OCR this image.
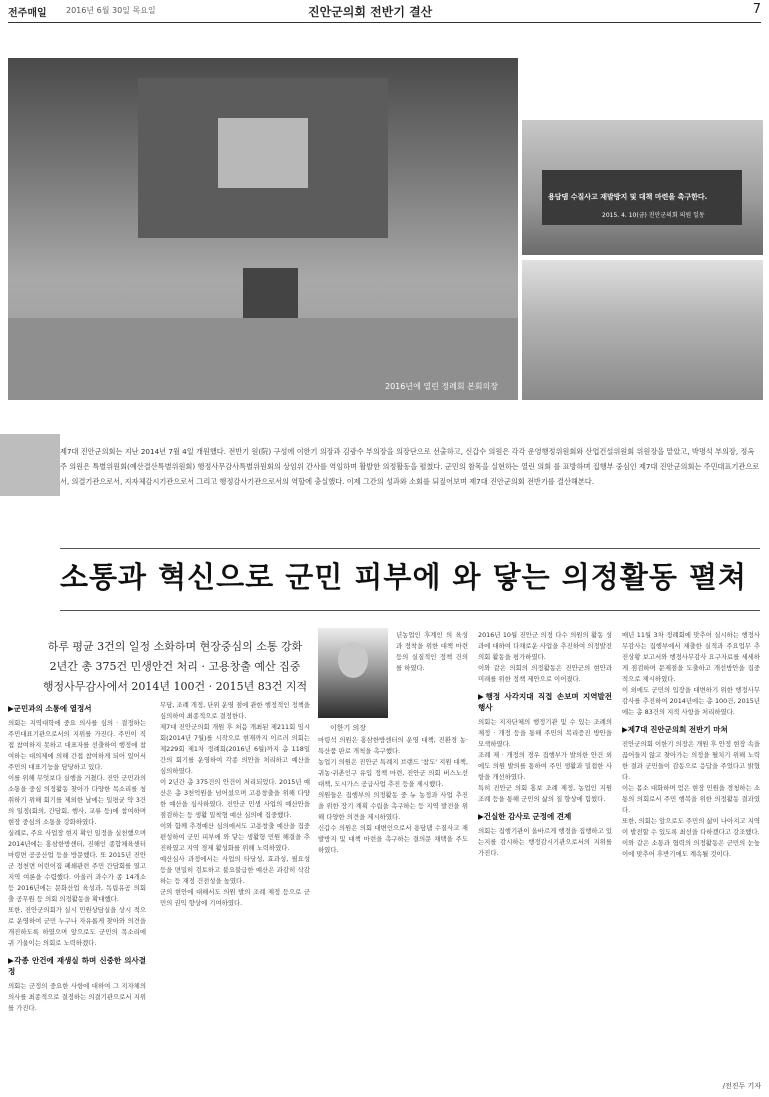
전주매일 2016년 6월 30일 목요일	진안군의회 전반기 결산	7
2016년에 열린 정례회 본회의장
용담댐 수질사고 재발방지 및 대책 마련을 촉구한다.
2015. 4. 10(금) 진안군의회 의원 일동
제7대 진안군의회는 지난 2014년 7월 4일 개원했다. 전반기 원(院) 구성에 이한기 의장과 김광수 부의장을 의장단으로 선출하고, 신갑수 의원은 각각 운영행정위원회와 산업건설위원회 위원장을 맡았고, 박명석 부의장, 정옥주 의원은 특별위원회(예산결산특별위원회) 행정사무감사특별위원회의 상임위 간사를 역임하며 활발한 의정활동을 펼쳤다. 군민의 참목을 실현하는 열린 의회 를 표방하며 집행부 중심인 제7대 진안군의회는 주민대표기관으로서, 의결기관으로서, 지자체감시기관으로서 그리고 행정감사기관으로서의 역할에 충실했다. 이제 그간의 성과와 소회를 되짚어보며 제7대 진안군의회 전반기를 결산해본다.
소통과 혁신으로 군민 피부에 와 닿는 의정활동 펼쳐
하루 평균 3건의 일정 소화하며 현장중심의 소통 강화
2년간 총 375건 민생안건 처리 · 고용창출 예산 집중
행정사무감사에서 2014년 100건 · 2015년 83건 지적
이한기 의장
▶군민과의 소통에 열정서

의회는 지역대학에 중요 의사를 심의 · 결정하는 주민대표기관으로서의 지위를 가진다. 주민이 직접 참여하지 못하고 대표자를 선출하여 행정에 참여하는 대의제에 의해 간접 참여하게 되어 있어서 주민의 대표기능을 담당하고 있다.

이를 위해 무엇보다 실행을 거쳤다. 진안 군민과의 소통을 중심 의정활동 찾아가 다양한 목소리를 청취하기 위해 회기를 제외한 날에는 일평균 약 3건의 일정(회의, 간담회, 행사, 교류 등)에 참여하며 현장 중심의 소통을 강화하였다.

실례로, 주요 사업장 현지 확인 일정을 실천했으며 2014년에는 홍삼한방센터, 진해인 종합체육센터 마령면 공공산업 등을 방문했다. 또 2015년 진안군 정천면 어린이집 폐쇄관련 주민 간담회를 열고 지역 여론을 수렴했다. 아울러 과수가 종 14개소 등 2016년에는 문화산업 육성과, 독립유공 의회출 공무원 등 의회 의정활동을 확대했다.

또한, 진안군의회가 실시 민원상담실을 상시 적으로 운영하여 군민 누구나 자유롭게 찾아와 의견을 개진하도록 하였으며 앞으로도 군민의 목소리에 귀 기울이는 의회로 노력하겠다.

▶각종 안건에 재생실 하며 신중한 의사결정

의회는 군정의 중요한 사항에 대하여 그 지자체의 의사를 최종적으로 결정하는 의결기관으로서 지위를 가진다.

무담, 조례 개정, 단위 운영 점에 관한 행정적인 정책을 심의하여 최종적으로 결정한다.

제7대 진안군의회 개원 후 처음 개최된 제211회 임시회(2014년 7월)를 시작으로 현재까지 이르러 의회는 제229회 제1차 정례회(2016년 6월)까지 총 118일간의 회기를 운영하여 각종 의안을 처리하고 예산을 심의하였다.

이 2년간 총 375건의 안건이 처리되었다. 2015년 예산은 총 3천억원을 넘어섰으며 고용창출을 위해 다양한 예산을 심사하였다. 진안군 민생 사업의 예산안을 점검하는 등 생활 밀착형 예산 심의에 집중했다.

이와 함께 추경예산 심의에서도 고용창출 예산을 집중 편성하여 군민 피부에 와 닿는 생활형 민원 해결을 추진하였고 지역 경제 활성화를 위해 노력하였다.

예산심사 과정에서는 사업의 타당성, 효과성, 필요성 등을 면밀히 검토하고 불요불급한 예산은 과감히 삭감하는 등 재정 건전성을 높였다.

군의 현안에 대해서도 의원 발의 조례 제정 등으로 군민의 권익 향상에 기여하였다.

년농업인 후계인 의 육성과 정착을 위한 대책 마련 등의 실질적인 정책 건의를 하였다.

마령석 의원은 홍삼한방센터의 운영 대책, 진환경 농·특산품 판로 개척을 촉구했다.

농업기 의원은 진안군 특례지 브랜드 '참도' 지원 대책, 귀농·귀촌인구 유입 정책 마련, 진안군 의회 버스노선 대책, 도시가스 공급사업 추진 등을 제시했다.

의원들은 집행부의 의정활동 중 뉴 농정과 사업 추진을 위한 장기 계획 수립을 촉구하는 등 지역 발전을 위해 다양한 의견을 제시하였다.

신갑수 의원은 의회 대변인으로서 용담댐 수질사고 재발방지 및 대책 마련을 촉구하는 결의문 채택을 주도하였다.

2016년 10월 진안군 의정 다수 의원의 활동 성과에 대하여 다채로운 사업을 추진하여 의정발전 의회 활동을 평가하였다.

이와 같은 의회의 의정활동은 진안군의 현안과 미래를 위한 정책 제안으로 이어졌다.

▶행정 사각지대 직접 손보며 지역발전 행사

의회는 지자단체의 행정기관 및 수 있는 조례의 제정 · 개정 등을 통해 주민의 복리증진 방안을 모색하였다.

조례 제 · 개정의 경우 집행부가 발의한 안건 외에도 의원 발의를 통하여 주민 생활과 밀접한 사항을 개선하였다.

특히 진안군 의회 홍보 조례 제정, 농업인 지원 조례 등을 통해 군민의 삶의 질 향상에 힘썼다.

▶건실한 감사로 군정에 견제

의회는 집행기관이 올바르게 행정을 집행하고 있는지를 감시하는 행정감시기관으로서의 지위를 가진다.

매년 11월 3차 정례회에 맞추어 실시하는 행정사무감사는 집행부에서 제출한 실적과 주요업무 추진상황 보고서와 행정사무감사 요구자료를 세세하게 점검하며 문제점을 도출하고 개선방안을 집중적으로 제시하였다.

이 외에도 군민의 입장을 대변하기 위한 행정사무감사를 추진하여 2014년에는 총 100건, 2015년에는 총 83건의 지적 사항을 처리하였다.

▶제7대 진안군의회 전반기 마쳐

진안군의회 이한기 의장은 개원 후 안정 현장 속을 끊어들지 않고 찾아가는 의정을 펼치기 위해 노력한 결과 군민들이 감동으로 응답을 주었다고 밝혔다.

이는 몸소 대화하며 얻은 현장 민원을 경청하는 소통의 의회로서 주민 행복을 위한 의정활동 결과였다.

또한, 의회는 앞으로도 주민의 삶이 나아지고 지역이 발전할 수 있도록 최선을 다하겠다고 강조했다.

이와 같은 소통과 협력의 의정활동은 군민의 눈높이에 맞추어 후반기에도 계속될 것이다.

/전진두 기자
